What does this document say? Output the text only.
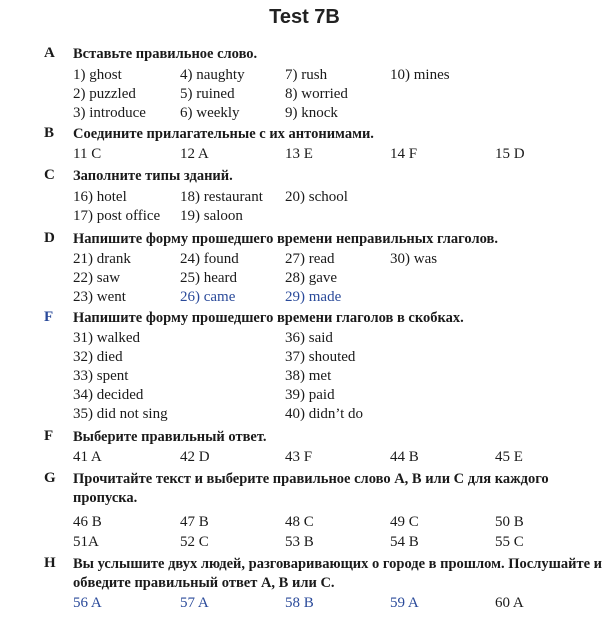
Test 7B
A Вставьте правильное слово.
1) ghost
2) puzzled
3) introduce
4) naughty
5) ruined
6) weekly
7) rush
8) worried
9) knock
10) mines
B Соедините прилагательные с их антонимами.
11 C	12 A	13 E	14 F	15 D
C Заполните типы зданий.
16) hotel
17) post office
18) restaurant
19) saloon
20) school
D Напишите форму прошедшего времени неправильных глаголов.
21) drank
22) saw
23) went
24) found
25) heard
26) came
27) read
28) gave
29) made
30) was
F Напишите форму прошедшего времени глаголов в скобках.
31) walked
32) died
33) spent
34) decided
35) did not sing
36) said
37) shouted
38) met
39) paid
40) didn’t do
F Выберите правильный ответ.
41 A	42 D	43 F	44 B	45 E
G Прочитайте текст и выберите правильное слово A, B или C для каждого пропуска.
46 B	47 B	48 C	49 C	50 B
51A	52 C	53 B	54 B	55 C
H Вы услышите двух людей, разговаривающих о городе в прошлом. Послушайте и обведите правильный ответ A, B или C.
56 A	57 A	58 B	59 A	60 A
